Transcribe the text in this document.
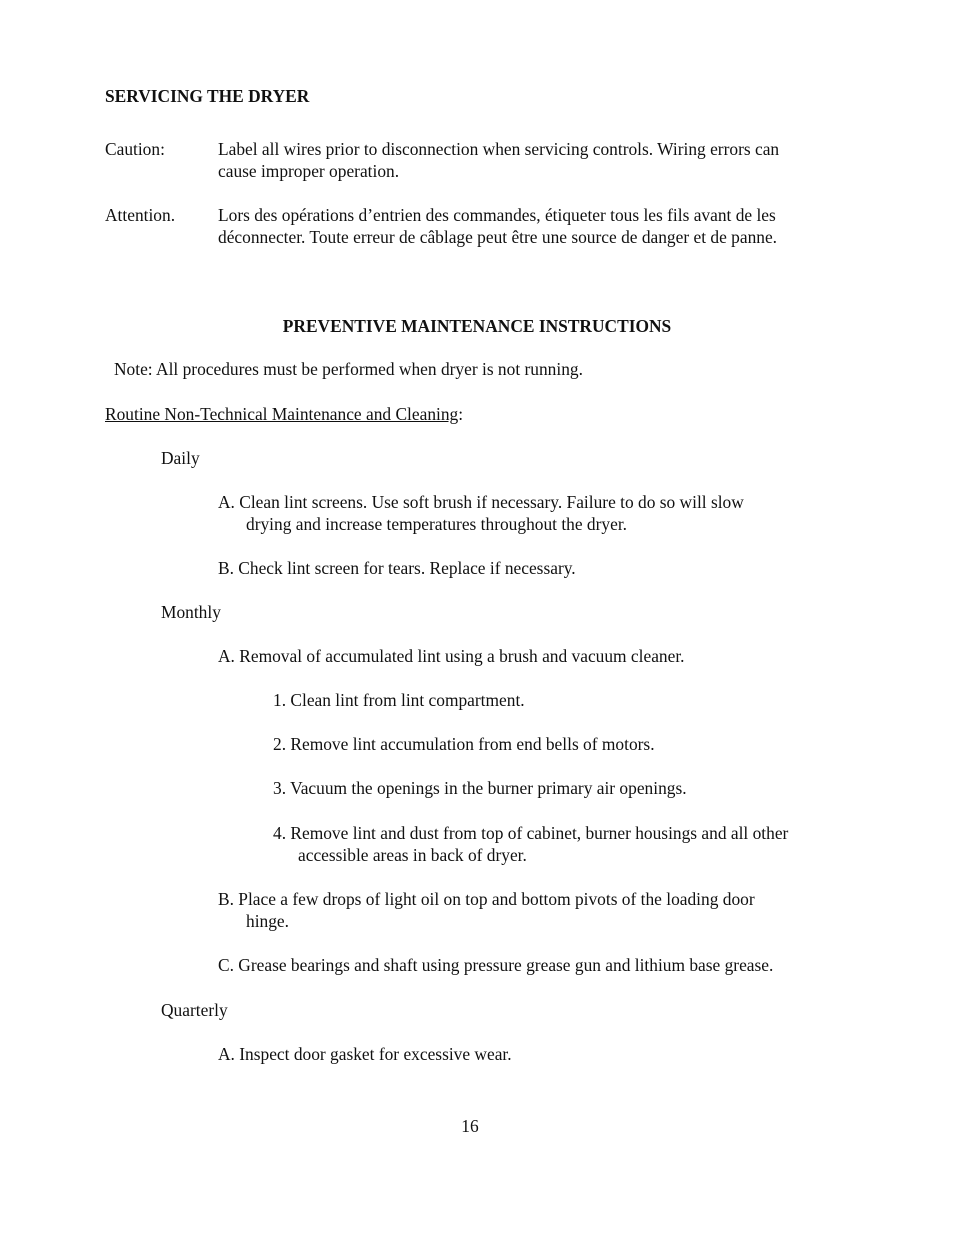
SERVICING THE DRYER
Caution:	Label all wires prior to disconnection when servicing controls. Wiring errors can
cause improper operation.
Attention. Lors des opérations d’entrien des commandes, étiqueter tous les fils avant de les
déconnecter. Toute erreur de câblage peut être une source de danger et de panne.
PREVENTIVE MAINTENANCE INSTRUCTIONS
Note: All procedures must be performed when dryer is not running.
Routine Non-Technical Maintenance and Cleaning:
Daily
A. Clean lint screens. Use soft brush if necessary. Failure to do so will slow
drying and increase temperatures throughout the dryer.
B. Check lint screen for tears. Replace if necessary.
Monthly
A. Removal of accumulated lint using a brush and vacuum cleaner.
1. Clean lint from lint compartment.
2. Remove lint accumulation from end bells of motors.
3. Vacuum the openings in the burner primary air openings.
4. Remove lint and dust from top of cabinet, burner housings and all other
accessible areas in back of dryer.
B. Place a few drops of light oil on top and bottom pivots of the loading door
hinge.
C. Grease bearings and shaft using pressure grease gun and lithium base grease.
Quarterly
A. Inspect door gasket for excessive wear.
16
